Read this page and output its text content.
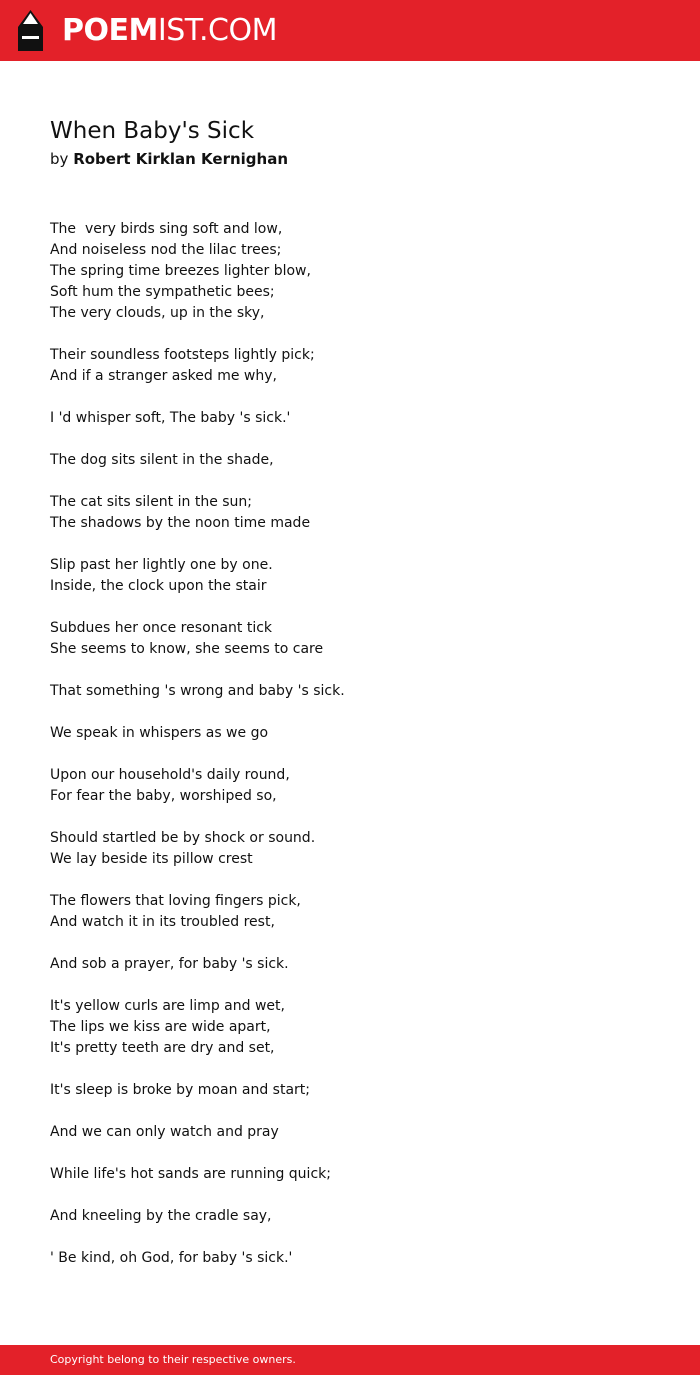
POEMIST.COM
When Baby's Sick
by Robert Kirklan Kernighan

The  very birds sing soft and low,
And noiseless nod the lilac trees;
The spring time breezes lighter blow,
Soft hum the sympathetic bees;
The very clouds, up in the sky,

Their soundless footsteps lightly pick;
And if a stranger asked me why,

I 'd whisper soft, The baby 's sick.'

The dog sits silent in the shade,

The cat sits silent in the sun;
The shadows by the noon time made

Slip past her lightly one by one.
Inside, the clock upon the stair

Subdues her once resonant tick
She seems to know, she seems to care

That something 's wrong and baby 's sick.

We speak in whispers as we go

Upon our household's daily round,
For fear the baby, worshiped so,

Should startled be by shock or sound.
We lay beside its pillow crest

The flowers that loving fingers pick,
And watch it in its troubled rest,

And sob a prayer, for baby 's sick.

It's yellow curls are limp and wet,
The lips we kiss are wide apart,
It's pretty teeth are dry and set,

It's sleep is broke by moan and start;

And we can only watch and pray

While life's hot sands are running quick;

And kneeling by the cradle say,

' Be kind, oh God, for baby 's sick.'

Copyright belong to their respective owners.
